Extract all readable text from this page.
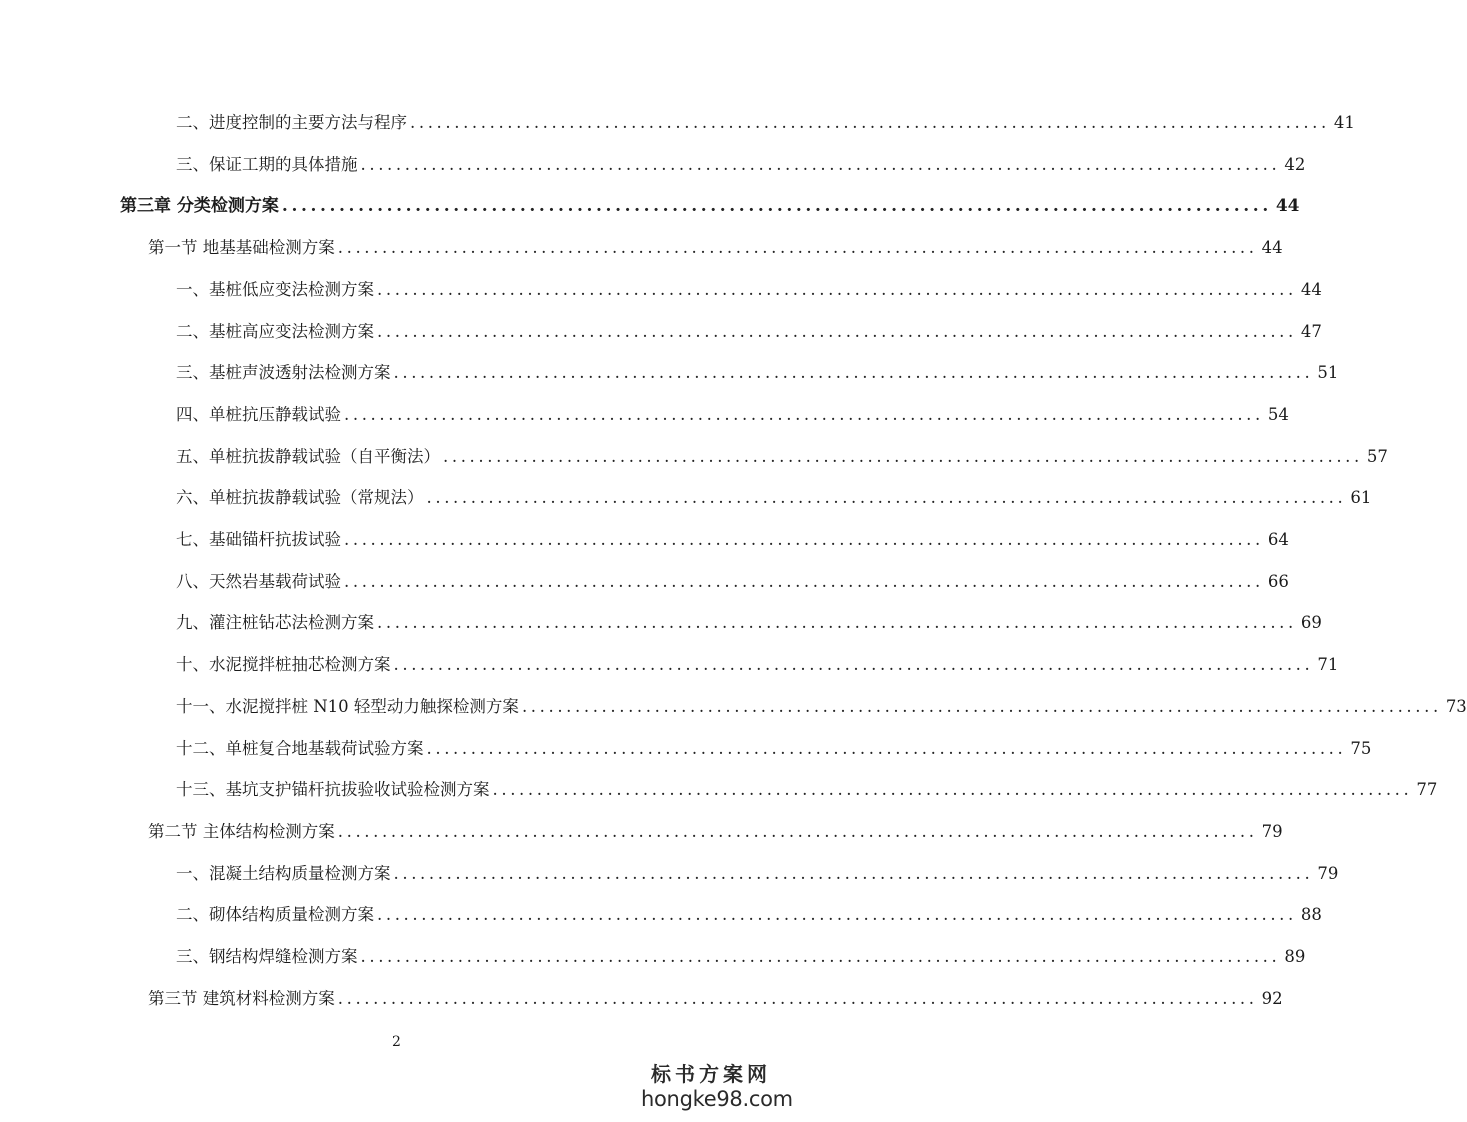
二、进度控制的主要方法与程序 ........................................................................................................ 41
三、保证工期的具体措施 ........................................................................................................ 42
第三章 分类检测方案 ........................................................................................................ 44
第一节 地基基础检测方案 ........................................................................................................ 44
一、基桩低应变法检测方案 ........................................................................................................ 44
二、基桩高应变法检测方案 ........................................................................................................ 47
三、基桩声波透射法检测方案 ........................................................................................................ 51
四、单桩抗压静载试验 ........................................................................................................ 54
五、单桩抗拔静载试验（自平衡法） ........................................................................................................ 57
六、单桩抗拔静载试验（常规法） ........................................................................................................ 61
七、基础锚杆抗拔试验 ........................................................................................................ 64
八、天然岩基载荷试验 ........................................................................................................ 66
九、灌注桩钻芯法检测方案 ........................................................................................................ 69
十、水泥搅拌桩抽芯检测方案 ........................................................................................................ 71
十一、水泥搅拌桩 N10 轻型动力触探检测方案 ........................................................................................................ 73
十二、单桩复合地基载荷试验方案 ........................................................................................................ 75
十三、基坑支护锚杆抗拔验收试验检测方案 ........................................................................................................ 77
第二节 主体结构检测方案 ........................................................................................................ 79
一、混凝土结构质量检测方案 ........................................................................................................ 79
二、砌体结构质量检测方案 ........................................................................................................ 88
三、钢结构焊缝检测方案 ........................................................................................................ 89
第三节 建筑材料检测方案 ........................................................................................................ 92
2
标书方案网
hongke98.com
